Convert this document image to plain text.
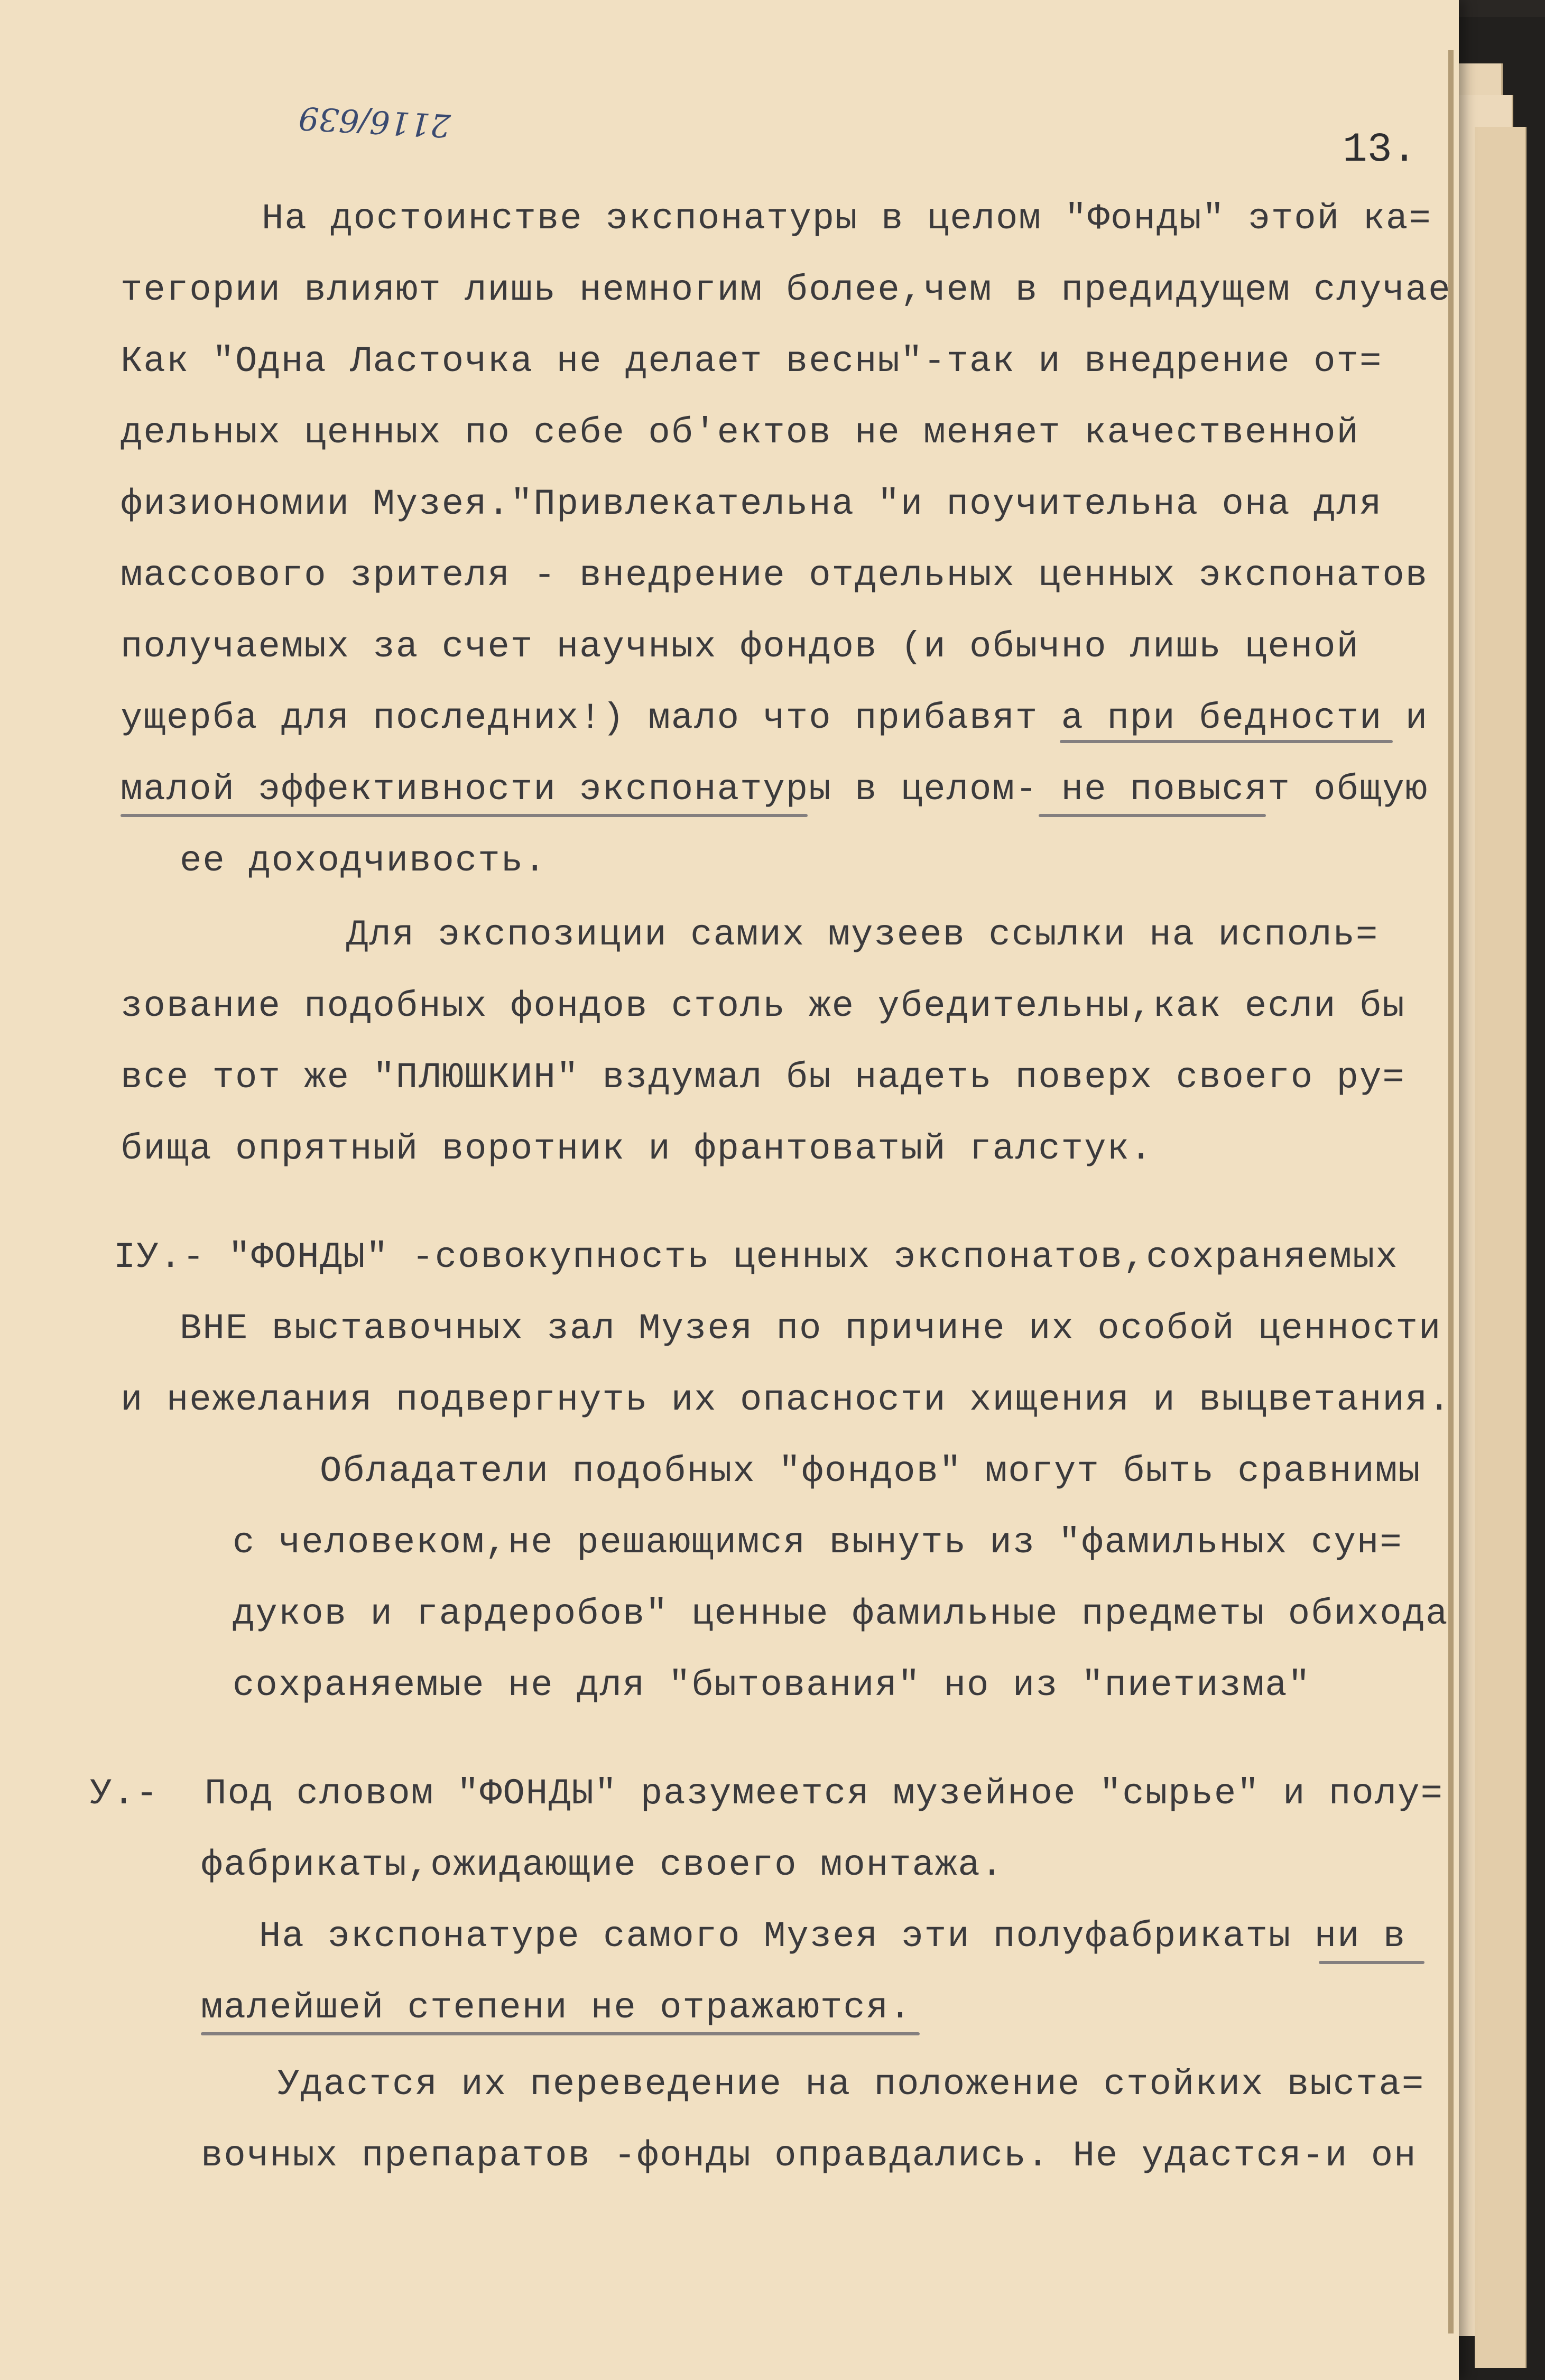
2116/639
13.
На достоинстве экспонатуры в целом "Фонды" этой ка=
тегории влияют лишь немногим более,чем в предидущем случае
Как "Одна Ласточка не делает весны"-так и внедрение от=
дельных ценных по себе об'ектов не меняет качественной
физиономии Музея."Привлекательна "и поучительна она для
массового зрителя - внедрение отдельных ценных экспонатов
получаемых за счет научных фондов (и обычно лишь ценой
ущерба для последних!) мало что прибавят а при бедности и
малой эффективности экспонатуры в целом- не повысят общую
ее доходчивость.
Для экспозиции самих музеев ссылки на исполь=
зование подобных фондов столь же убедительны,как если бы
все тот же "ПЛЮШКИН" вздумал бы надеть поверх своего ру=
бища опрятный воротник и франтоватый галстук.
IУ.- "ФОНДЫ" -совокупность ценных экспонатов,сохраняемых
ВНЕ выставочных зал Музея по причине их особой ценности
и нежелания подвергнуть их опасности хищения и выцветания.
Обладатели подобных "фондов" могут быть сравнимы
с человеком,не решающимся вынуть из "фамильных сун=
дуков и гардеробов" ценные фамильные предметы обихода
сохраняемые не для "бытования" но из "пиетизма"
У.-  Под словом "ФОНДЫ" разумеется музейное "сырье" и полу=
фабрикаты,ожидающие своего монтажа.
На экспонатуре самого Музея эти полуфабрикаты ни в
малейшей степени не отражаются.
Удастся их переведение на положение стойких выста=
вочных препаратов -фонды оправдались. Не удастся-и он
